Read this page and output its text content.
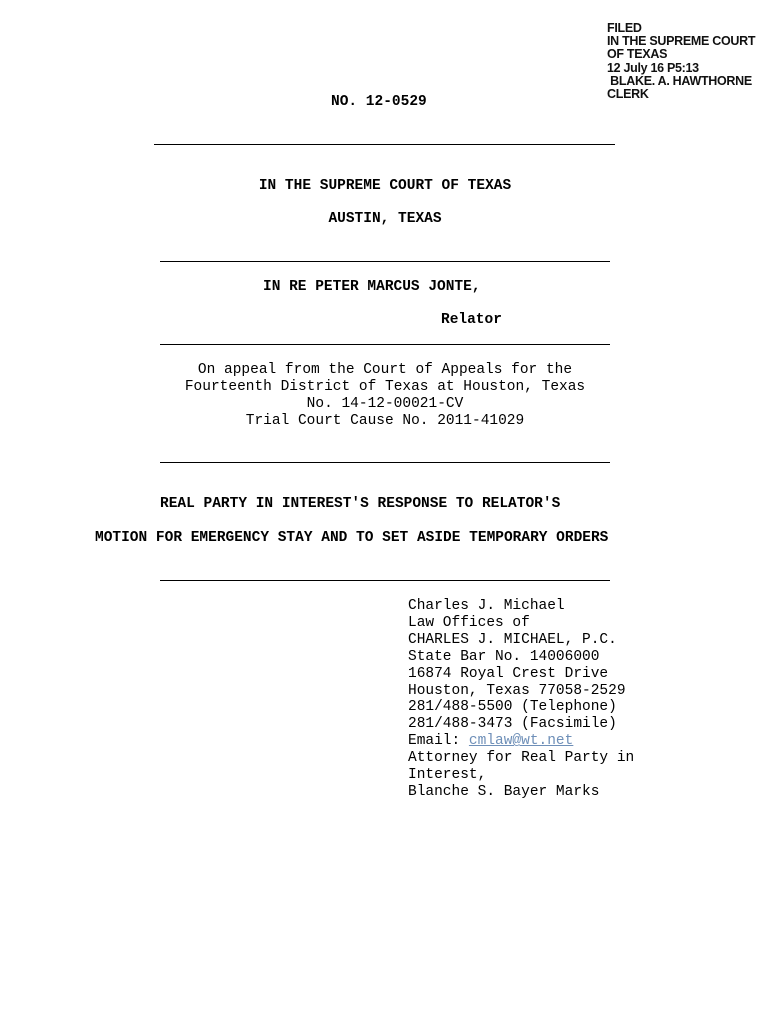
FILED
IN THE SUPREME COURT
OF TEXAS
12 July 16 P5:13
BLAKE. A. HAWTHORNE
CLERK
NO. 12-0529
IN THE SUPREME COURT OF TEXAS
AUSTIN, TEXAS
IN RE PETER MARCUS JONTE,
Relator
On appeal from the Court of Appeals for the
Fourteenth District of Texas at Houston, Texas
No. 14-12-00021-CV
Trial Court Cause No. 2011-41029
REAL PARTY IN INTEREST'S RESPONSE TO RELATOR'S
MOTION FOR EMERGENCY STAY AND TO SET ASIDE TEMPORARY ORDERS
Charles J. Michael
Law Offices of
CHARLES J. MICHAEL, P.C.
State Bar No. 14006000
16874 Royal Crest Drive
Houston, Texas 77058-2529
281/488-5500 (Telephone)
281/488-3473 (Facsimile)
Email: cmlaw@wt.net
Attorney for Real Party in
Interest,
Blanche S. Bayer Marks
